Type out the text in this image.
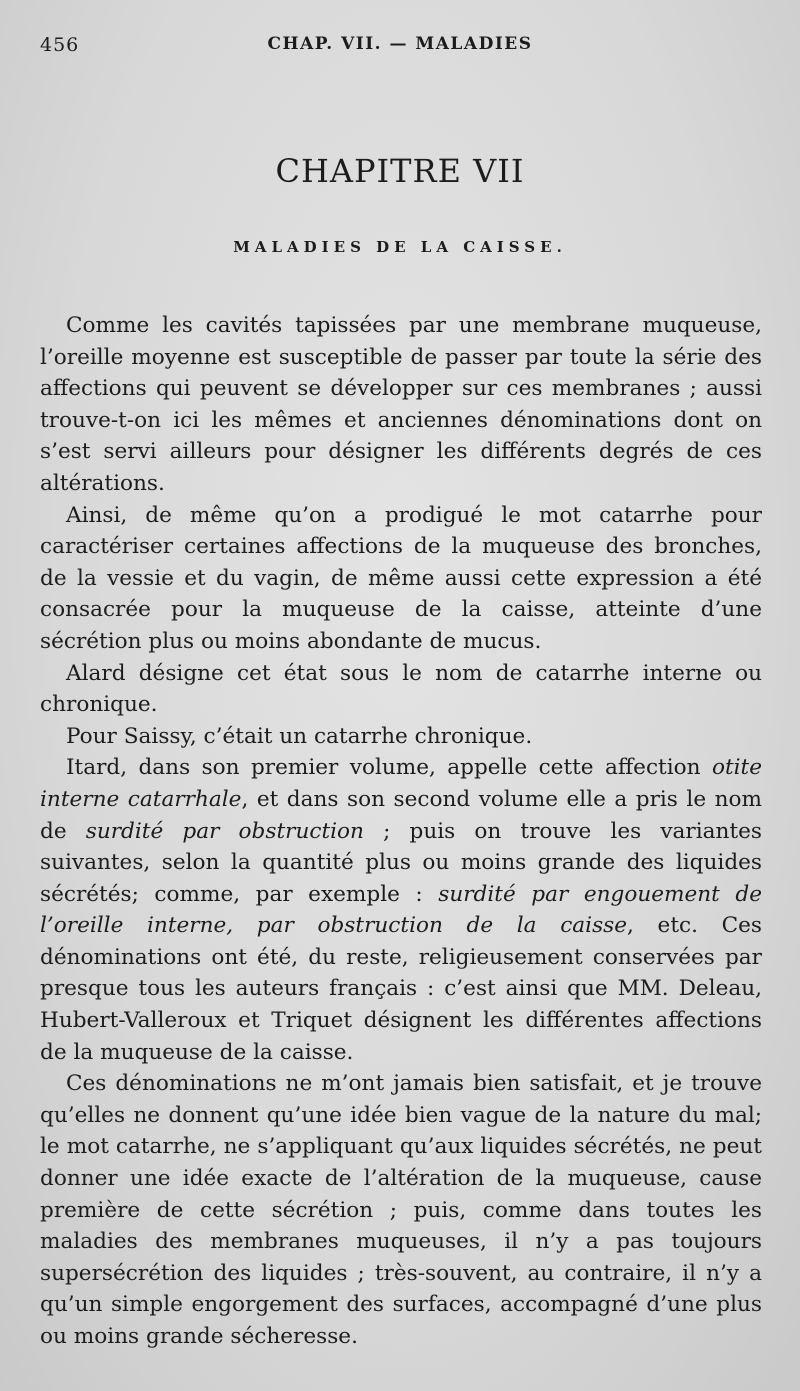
456	CHAP. VII. — MALADIES
CHAPITRE VII
MALADIES DE LA CAISSE.

Comme les cavités tapissées par une membrane muqueuse, l’oreille moyenne est susceptible de passer par toute la série des affections qui peuvent se développer sur ces membranes ; aussi trouve-t-on ici les mêmes et anciennes dénominations dont on s’est servi ailleurs pour désigner les différents degrés de ces altérations.

Ainsi, de même qu’on a prodigué le mot catarrhe pour caractériser certaines affections de la muqueuse des bronches, de la vessie et du vagin, de même aussi cette expression a été consacrée pour la muqueuse de la caisse, atteinte d’une sécrétion plus ou moins abondante de mucus.

Alard désigne cet état sous le nom de catarrhe interne ou chronique.

Pour Saissy, c’était un catarrhe chronique.

Itard, dans son premier volume, appelle cette affection otite interne catarrhale, et dans son second volume elle a pris le nom de surdité par obstruction ; puis on trouve les variantes suivantes, selon la quantité plus ou moins grande des liquides sécrétés; comme, par exemple : surdité par engouement de l’oreille interne, par obstruction de la caisse, etc. Ces dénominations ont été, du reste, religieusement conservées par presque tous les auteurs français : c’est ainsi que MM. Deleau, Hubert-Valleroux et Triquet désignent les différentes affections de la muqueuse de la caisse.

Ces dénominations ne m’ont jamais bien satisfait, et je trouve qu’elles ne donnent qu’une idée bien vague de la nature du mal; le mot catarrhe, ne s’appliquant qu’aux liquides sécrétés, ne peut donner une idée exacte de l’altération de la muqueuse, cause première de cette sécrétion ; puis, comme dans toutes les maladies des membranes muqueuses, il n’y a pas toujours supersécrétion des liquides ; très-souvent, au contraire, il n’y a qu’un simple engorgement des surfaces, accompagné d’une plus ou moins grande sécheresse.
